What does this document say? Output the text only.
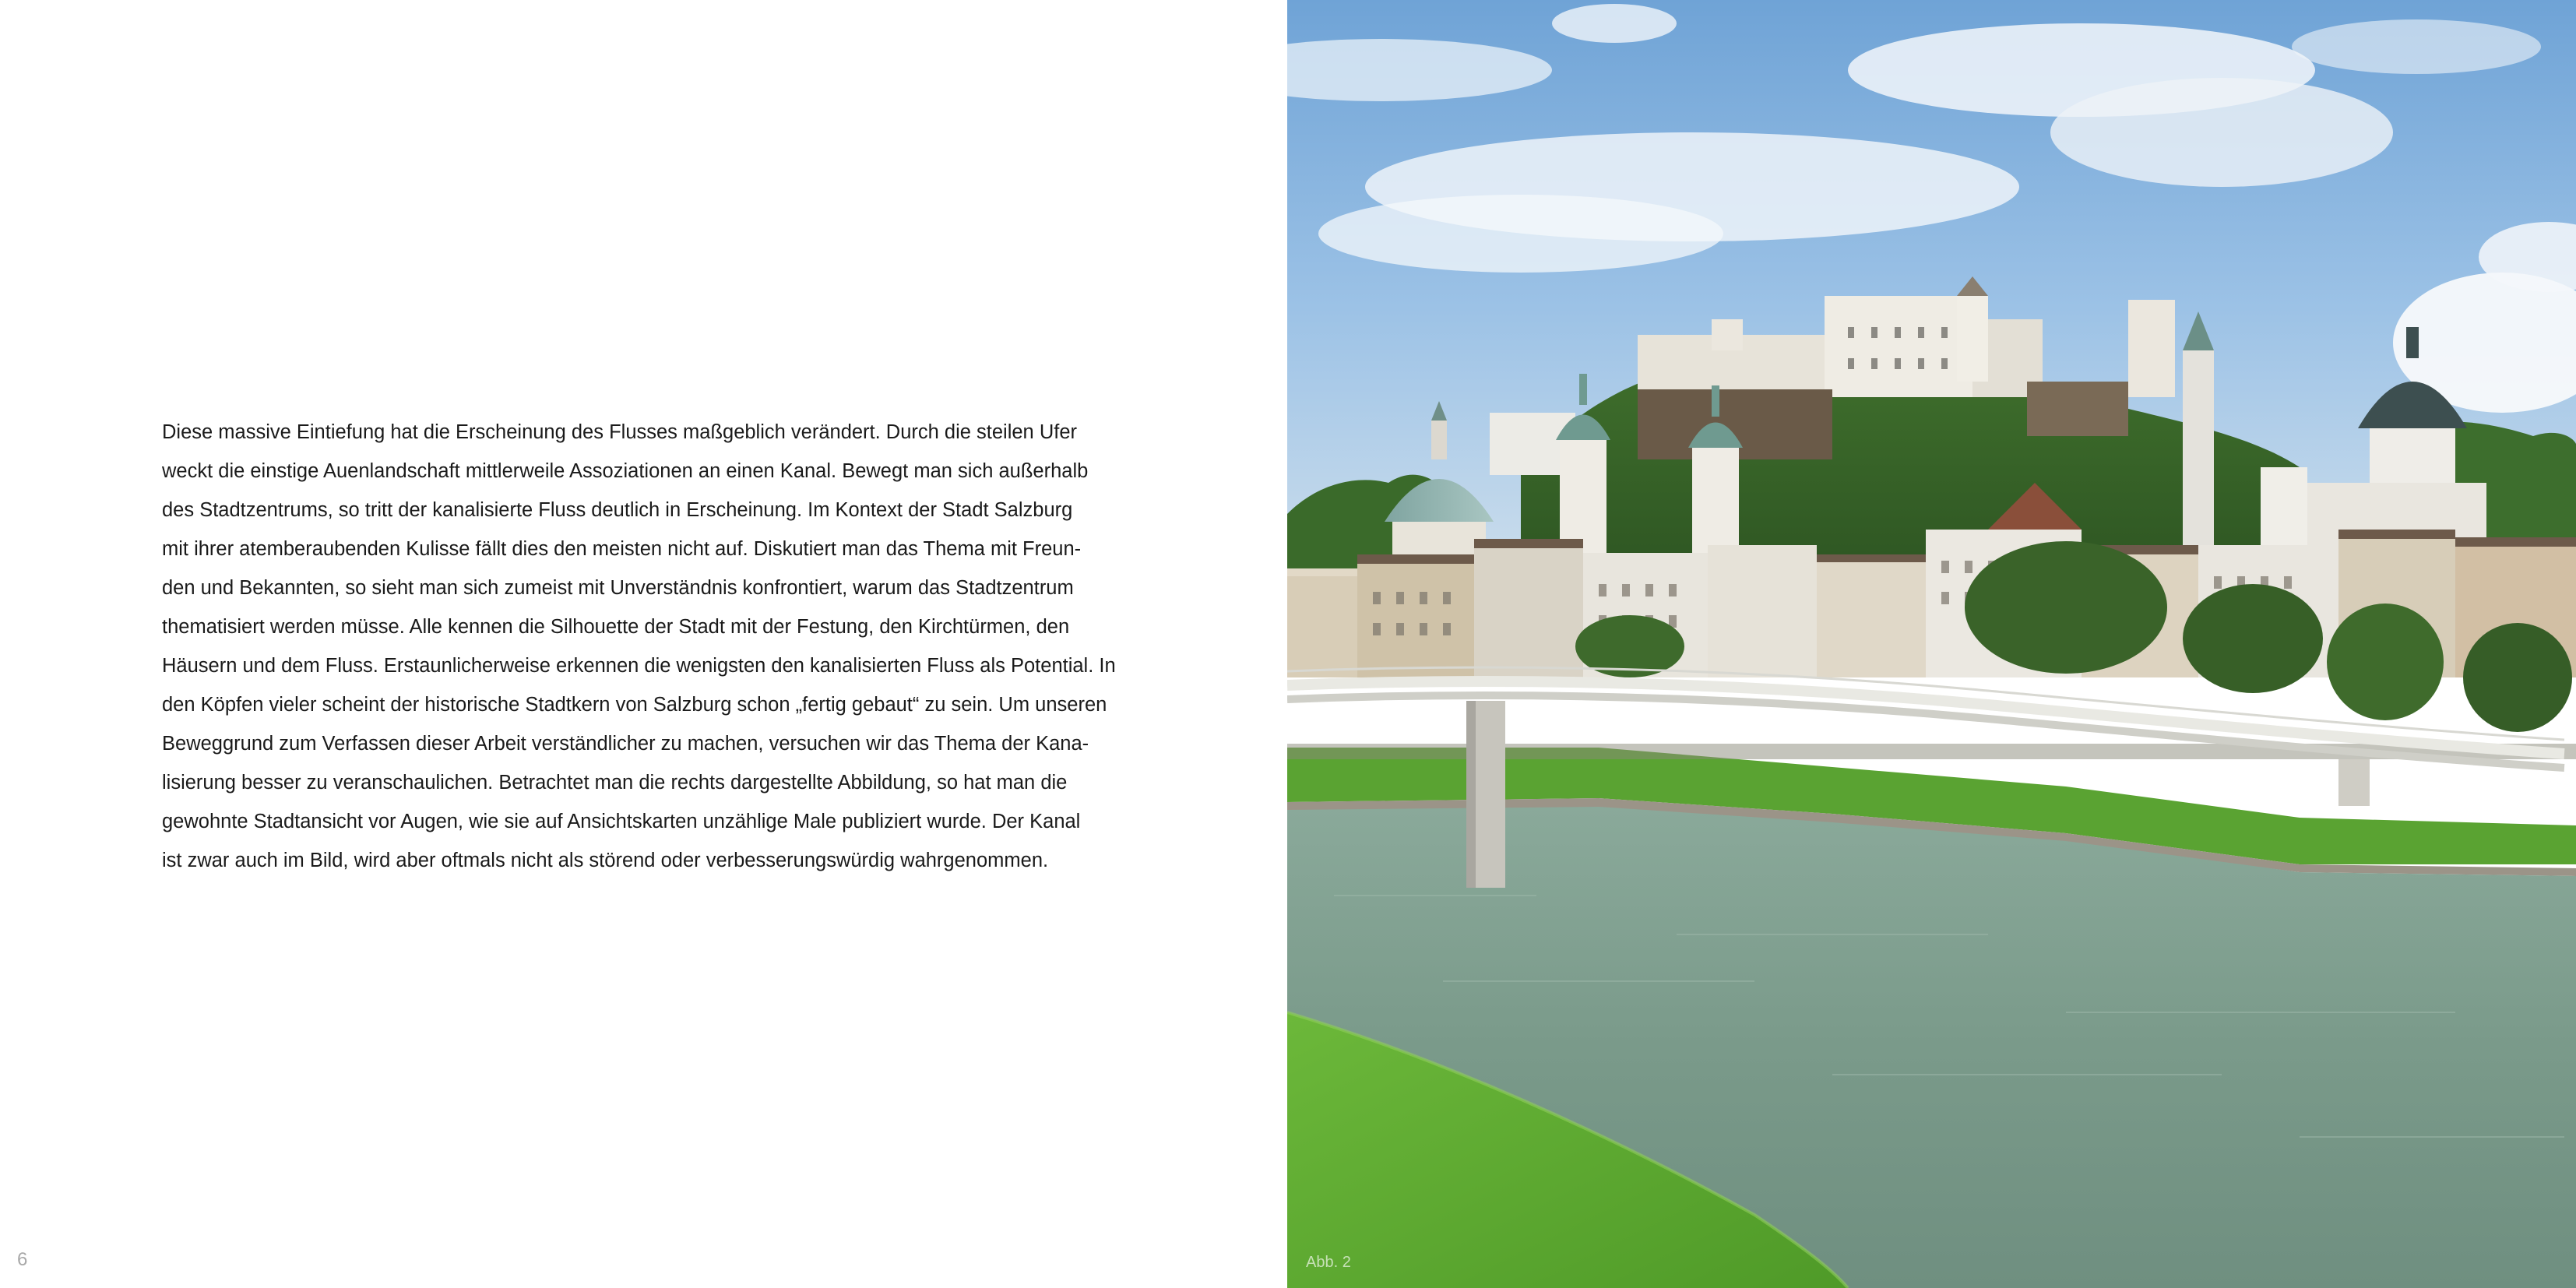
Diese massive Eintiefung hat die Erscheinung des Flusses maßgeblich verändert. Durch die steilen Ufer
weckt die einstige Auenlandschaft mittlerweile Assoziationen an einen Kanal. Bewegt man sich außerhalb
des Stadtzentrums, so tritt der kanalisierte Fluss deutlich in Erscheinung. Im Kontext der Stadt Salzburg
mit ihrer atemberaubenden Kulisse fällt dies den meisten nicht auf. Diskutiert man das Thema mit Freun-
den und Bekannten, so sieht man sich zumeist mit Unverständnis konfrontiert, warum das Stadtzentrum
thematisiert werden müsse. Alle kennen die Silhouette der Stadt mit der Festung, den Kirchtürmen, den
Häusern und dem Fluss. Erstaunlicherweise erkennen die wenigsten den kanalisierten Fluss als Potential. In
den Köpfen vieler scheint der historische Stadtkern von Salzburg schon „fertig gebaut“ zu sein. Um unseren
Beweggrund zum Verfassen dieser Arbeit verständlicher zu machen, versuchen wir das Thema der Kana-
lisierung besser zu veranschaulichen. Betrachtet man die rechts dargestellte Abbildung, so hat man die
gewohnte Stadtansicht vor Augen, wie sie auf Ansichtskarten unzählige Male publiziert wurde. Der Kanal
ist zwar auch im Bild, wird aber oftmals nicht als störend oder verbesserungswürdig wahrgenommen.

6	Abb. 2
